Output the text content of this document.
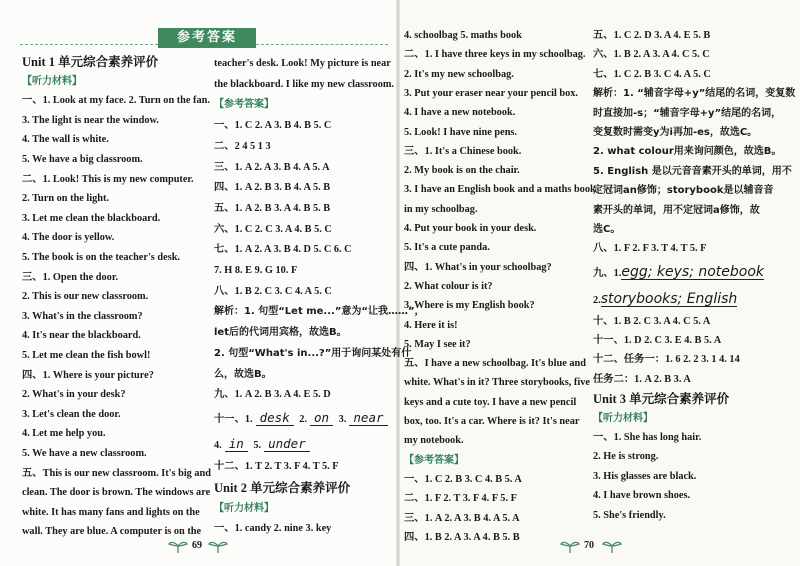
参考答案
Unit 1 单元综合素养评价
【听力材料】
一、1. Look at my face. 2. Turn on the fan.
3. The light is near the window.
4. The wall is white.
5. We have a big classroom.
二、1. Look! This is my new computer.
2. Turn on the light.
3. Let me clean the blackboard.
4. The door is yellow.
5. The book is on the teacher's desk.
三、1. Open the door.
2. This is our new classroom.
3. What's in the classroom?
4. It's near the blackboard.
5. Let me clean the fish bowl!
四、1. Where is your picture?
2. What's in your desk?
3. Let's clean the door.
4. Let me help you.
5. We have a new classroom.
五、This is our new classroom. It's big and
clean. The door is brown. The windows are
white. It has many fans and lights on the
wall. They are blue. A computer is on the
teacher's desk. Look! My picture is near
the blackboard. I like my new classroom.
【参考答案】
一、1. C 2. A 3. B 4. B 5. C
二、2 4 5 1 3
三、1. A 2. A 3. B 4. A 5. A
四、1. A 2. B 3. B 4. A 5. B
五、1. A 2. B 3. A 4. B 5. B
六、1. C 2. C 3. A 4. B 5. C
七、1. A 2. A 3. B 4. D 5. C 6. C
7. H 8. E 9. G 10. F
八、1. B 2. C 3. C 4. A 5. C
解析：1. 句型“Let me...”意为“让我……”，
let后的代词用宾格，故选B。
2. 句型“What's in...?”用于询问某处有什
么，故选B。
九、1. A 2. B 3. A 4. E 5. D
十一、1. desk 2. on 3. near
4. in 5. under
十二、1. T 2. T 3. F 4. T 5. F
Unit 2 单元综合素养评价
【听力材料】
一、1. candy 2. nine 3. key
4. schoolbag 5. maths book
二、1. I have three keys in my schoolbag.
2. It's my new schoolbag.
3. Put your eraser near your pencil box.
4. I have a new notebook.
5. Look! I have nine pens.
三、1. It's a Chinese book.
2. My book is on the chair.
3. I have an English book and a maths book
in my schoolbag.
4. Put your book in your desk.
5. It's a cute panda.
四、1. What's in your schoolbag?
2. What colour is it?
3. Where is my English book?
4. Here it is!
5. May I see it?
五、I have a new schoolbag. It's blue and
white. What's in it? Three storybooks, five
keys and a cute toy. I have a new pencil
box, too. It's a car. Where is it? It's near
my notebook.
【参考答案】
一、1. C 2. B 3. C 4. B 5. A
二、1. F 2. T 3. F 4. F 5. F
三、1. A 2. A 3. B 4. A 5. A
四、1. B 2. A 3. A 4. B 5. B
五、1. C 2. D 3. A 4. E 5. B
六、1. B 2. A 3. A 4. C 5. C
七、1. C 2. B 3. C 4. A 5. C
解析：1. “辅音字母+y”结尾的名词，变复数
时直接加-s；“辅音字母+y”结尾的名词，
变复数时需变y为i再加-es，故选C。
2. what colour用来询问颜色，故选B。
5. English 是以元音音素开头的单词，用不
定冠词an修饰；storybook是以辅音音
素开头的单词，用不定冠词a修饰，故
选C。
八、1. F 2. F 3. T 4. T 5. F
九、1.egg; keys; notebook
2.storybooks; English
十、1. B 2. C 3. A 4. C 5. A
十一、1. D 2. C 3. E 4. B 5. A
十二、任务一：1. 6 2. 2 3. 1 4. 14
任务二：1. A 2. B 3. A
Unit 3 单元综合素养评价
【听力材料】
一、1. She has long hair.
2. He is strong.
3. His glasses are black.
4. I have brown shoes.
5. She's friendly.
69	70
